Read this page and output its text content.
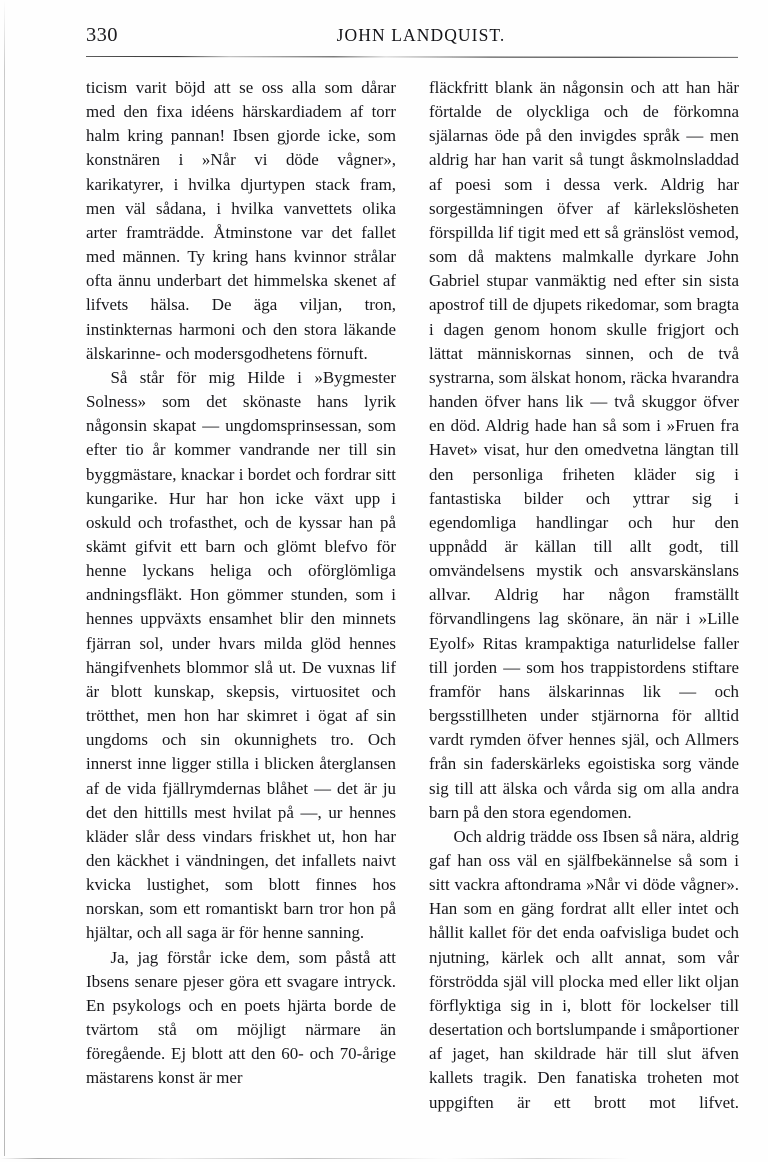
330	JOHN LANDQUIST.

ticism varit böjd att se oss alla som dårar med den fixa idéens härskardiadem af torr halm kring pannan! Ibsen gjorde icke, som konstnären i »Når vi döde vågner», karikatyrer, i hvilka djurtypen stack fram, men väl sådana, i hvilka vanvettets olika arter framträdde. Åtminstone var det fallet med männen. Ty kring hans kvinnor strålar ofta ännu underbart det himmelska skenet af lifvets hälsa. De äga viljan, tron, instinkternas harmoni och den stora läkande älskarinne- och modersgodhetens förnuft.

Så står för mig Hilde i »Bygmester Solness» som det skönaste hans lyrik någonsin skapat — ungdomsprinsessan, som efter tio år kommer vandrande ner till sin byggmästare, knackar i bordet och fordrar sitt kungarike. Hur har hon icke växt upp i oskuld och trofasthet, och de kyssar han på skämt gifvit ett barn och glömt blefvo för henne lyckans heliga och oförglömliga andningsfläkt. Hon gömmer stunden, som i hennes uppväxts ensamhet blir den minnets fjärran sol, under hvars milda glöd hennes hängifvenhets blommor slå ut. De vuxnas lif är blott kunskap, skepsis, virtuositet och trötthet, men hon har skimret i ögat af sin ungdoms och sin okunnighets tro. Och innerst inne ligger stilla i blicken återglansen af de vida fjällrymdernas blåhet — det är ju det den hittills mest hvilat på —, ur hennes kläder slår dess vindars friskhet ut, hon har den käckhet i vändningen, det infallets naivt kvicka lustighet, som blott finnes hos norskan, som ett romantiskt barn tror hon på hjältar, och all saga är för henne sanning.

Ja, jag förstår icke dem, som påstå att Ibsens senare pjeser göra ett svagare intryck. En psykologs och en poets hjärta borde de tvärtom stå om möjligt närmare än föregående. Ej blott att den 60- och 70-årige mästarens konst är mer

fläckfritt blank än någonsin och att han här förtalde de olyckliga och de förkomna själarnas öde på den invigdes språk — men aldrig har han varit så tungt åskmolnsladdad af poesi som i dessa verk. Aldrig har sorgestämningen öfver af kärlekslösheten förspillda lif tigit med ett så gränslöst vemod, som då maktens malmkalle dyrkare John Gabriel stupar vanmäktig ned efter sin sista apostrof till de djupets rikedomar, som bragta i dagen genom honom skulle frigjort och lättat människornas sinnen, och de två systrarna, som älskat honom, räcka hvarandra handen öfver hans lik — två skuggor öfver en död. Aldrig hade han så som i »Fruen fra Havet» visat, hur den omedvetna längtan till den personliga friheten kläder sig i fantastiska bilder och yttrar sig i egendomliga handlingar och hur den uppnådd är källan till allt godt, till omvändelsens mystik och ansvarskänslans allvar. Aldrig har någon framställt förvandlingens lag skönare, än när i »Lille Eyolf» Ritas krampaktiga naturlidelse faller till jorden — som hos trappistordens stiftare framför hans älskarinnas lik — och bergsstillheten under stjärnorna för alltid vardt rymden öfver hennes själ, och Allmers från sin faderskärleks egoistiska sorg vände sig till att älska och vårda sig om alla andra barn på den stora egendomen.

Och aldrig trädde oss Ibsen så nära, aldrig gaf han oss väl en själfbekännelse så som i sitt vackra aftondrama »Når vi döde vågner». Han som en gäng fordrat allt eller intet och hållit kallet för det enda oafvisliga budet och njutning, kärlek och allt annat, som vår förströdda själ vill plocka med eller likt oljan förflyktiga sig in i, blott för lockelser till desertation och bortslumpande i småportioner af jaget, han skildrade här till slut äfven kallets tragik. Den fanatiska troheten mot uppgiften är ett brott mot lifvet.
